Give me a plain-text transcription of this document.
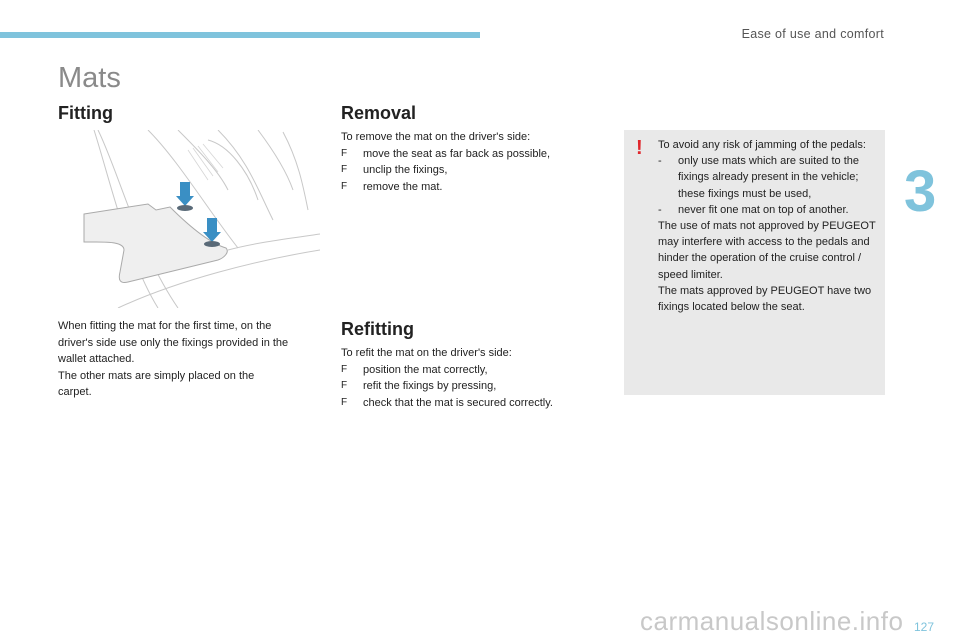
Ease of use and comfort
3
Mats
Fitting
When fitting the mat for the first time, on the
driver's side use only the fixings provided in the
wallet attached.
The other mats are simply placed on the
carpet.
Removal
To remove the mat on the driver's side:
F move the seat as far back as possible,
F unclip the fixings,
F remove the mat.
Refitting
To refit the mat on the driver's side:
F position the mat correctly,
F refit the fixings by pressing,
F check that the mat is secured correctly.
! To avoid any risk of jamming of the pedals:
- only use mats which are suited to the fixings already present in the vehicle; these fixings must be used,
- never fit one mat on top of another.
The use of mats not approved by PEUGEOT may interfere with access to the pedals and hinder the operation of the cruise control / speed limiter.
The mats approved by PEUGEOT have two fixings located below the seat.
carmanualsonline.info 127
